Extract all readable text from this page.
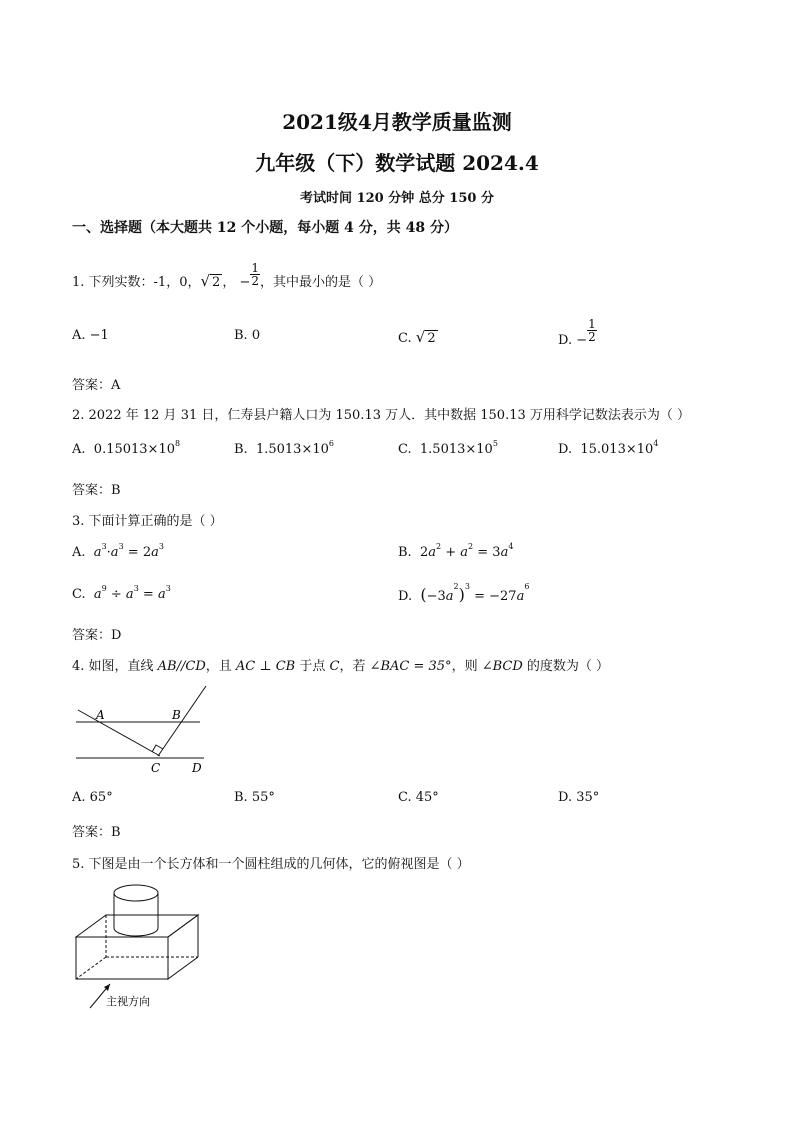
2021级4月教学质量监测
九年级（下）数学试题 2024.4
考试时间 120 分钟 总分 150 分
一、选择题（本大题共 12 个小题，每小题 4 分，共 48 分）
1. 下列实数：-1，0，√ 2 ， − $\frac{1}{2}$ ，其中最小的是（ ）
A. −1	B. 0	C. √ 2	D. − $\frac{1}{2}$
答案：A
2. 2022 年 12 月 31 日，仁寿县户籍人口为 150.13 万人．其中数据 150.13 万用科学记数法表示为（ ）
A. $0.15013\times 10^8$	B. $1.5013\times 10^6$	C. $1.5013\times 10^5$	D. $15.013\times 10^4$
答案：B
3. 下面计算正确的是（ ）
A. $a^3\cdot a^3 = 2a^3$	B.  $2a^2 + a^2 = 3a^4$
C. $a^9 \div a^3 = a^3$
D. $(-3a^2)^3 = -27a^6$
答案：D
4. 如图，直线 AB//CD，且 AC ⊥ CB 于点 C，若 ∠BAC = 35°，则 ∠BCD 的度数为（ ）
A	B
C	D
A. 65°	B. 55°	C. 45°	D. 35°
答案：B
5. 下图是由一个长方体和一个圆柱组成的几何体，它的俯视图是（ ）
主视方向
